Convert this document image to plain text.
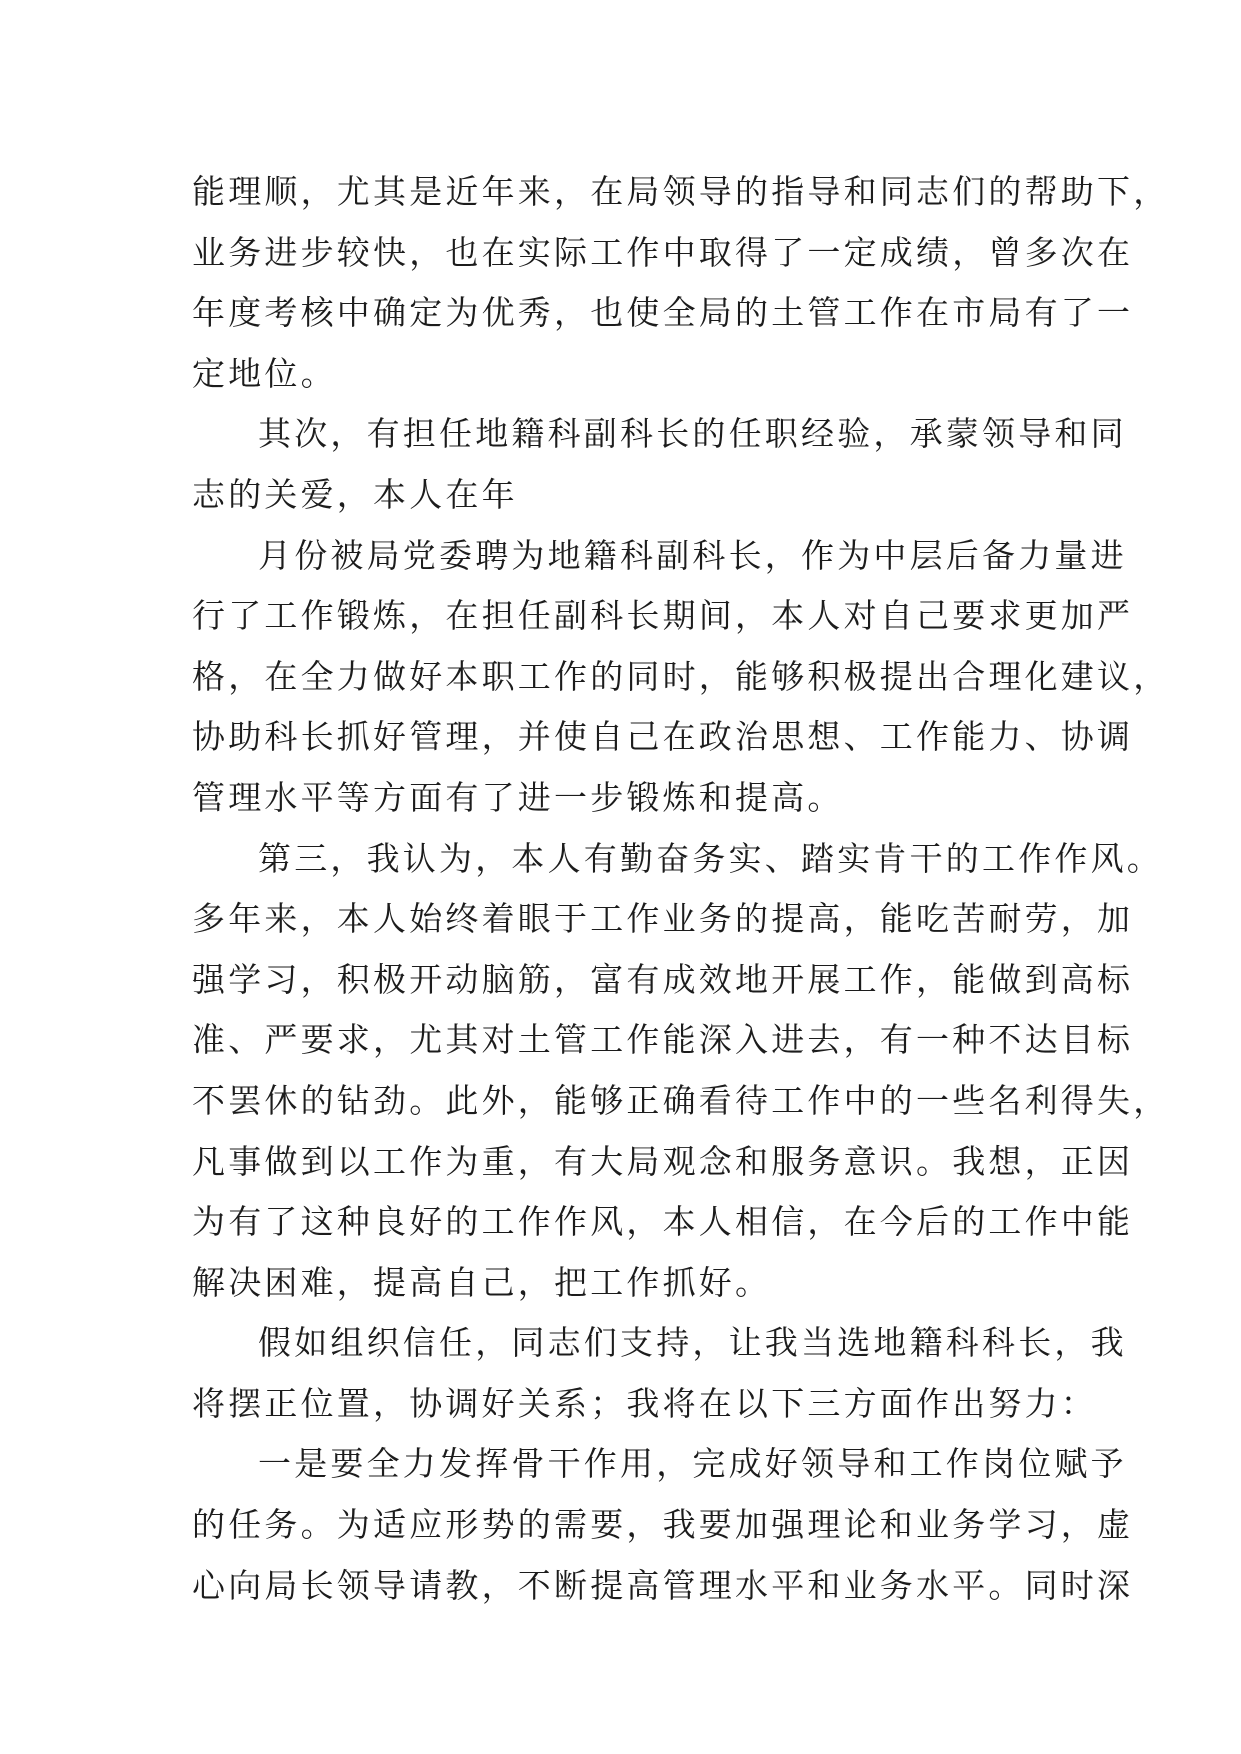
能理顺，尤其是近年来，在局领导的指导和同志们的帮助下，
业务进步较快，也在实际工作中取得了一定成绩，曾多次在
年度考核中确定为优秀，也使全局的土管工作在市局有了一
定地位。
其次，有担任地籍科副科长的任职经验，承蒙领导和同
志的关爱，本人在年
月份被局党委聘为地籍科副科长，作为中层后备力量进
行了工作锻炼，在担任副科长期间，本人对自己要求更加严
格，在全力做好本职工作的同时，能够积极提出合理化建议，
协助科长抓好管理，并使自己在政治思想、工作能力、协调
管理水平等方面有了进一步锻炼和提高。
第三，我认为，本人有勤奋务实、踏实肯干的工作作风。
多年来，本人始终着眼于工作业务的提高，能吃苦耐劳，加
强学习，积极开动脑筋，富有成效地开展工作，能做到高标
准、严要求，尤其对土管工作能深入进去，有一种不达目标
不罢休的钻劲。此外，能够正确看待工作中的一些名利得失，
凡事做到以工作为重，有大局观念和服务意识。我想，正因
为有了这种良好的工作作风，本人相信，在今后的工作中能
解决困难，提高自己，把工作抓好。
假如组织信任，同志们支持，让我当选地籍科科长，我
将摆正位置，协调好关系；我将在以下三方面作出努力：
一是要全力发挥骨干作用，完成好领导和工作岗位赋予
的任务。为适应形势的需要，我要加强理论和业务学习，虚
心向局长领导请教，不断提高管理水平和业务水平。同时深
